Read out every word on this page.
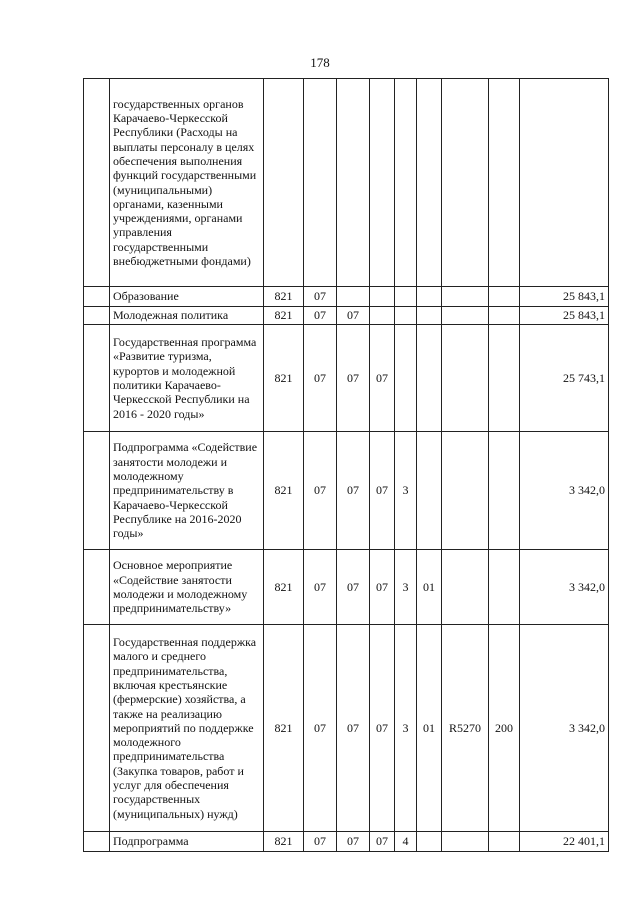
178
	государственных органов Карачаево-Черкесской Республики (Расходы на выплаты персоналу в целях обеспечения выполнения функций государственными (муниципальными) органами, казенными учреждениями, органами управления государственными внебюджетными фондами)									
	Образование	821	07							25 843,1
	Молодежная политика	821	07	07						25 843,1
	Государственная программа «Развитие туризма, курортов и молодежной политики Карачаево-Черкесской Республики на 2016 - 2020 годы»	821	07	07	07					25 743,1
	Подпрограмма «Содействие занятости молодежи и молодежному предпринимательству в Карачаево-Черкесской Республике на 2016-2020 годы»	821	07	07	07	3				3 342,0
	Основное мероприятие «Содействие занятости молодежи и молодежному предпринимательству»	821	07	07	07	3	01			3 342,0
	Государственная поддержка малого и среднего предпринимательства, включая крестьянские (фермерские) хозяйства, а также на реализацию мероприятий по поддержке молодежного предпринимательства (Закупка товаров, работ и услуг для обеспечения государственных (муниципальных) нужд)	821	07	07	07	3	01	R5270	200	3 342,0
	Подпрограмма	821	07	07	07	4				22 401,1
